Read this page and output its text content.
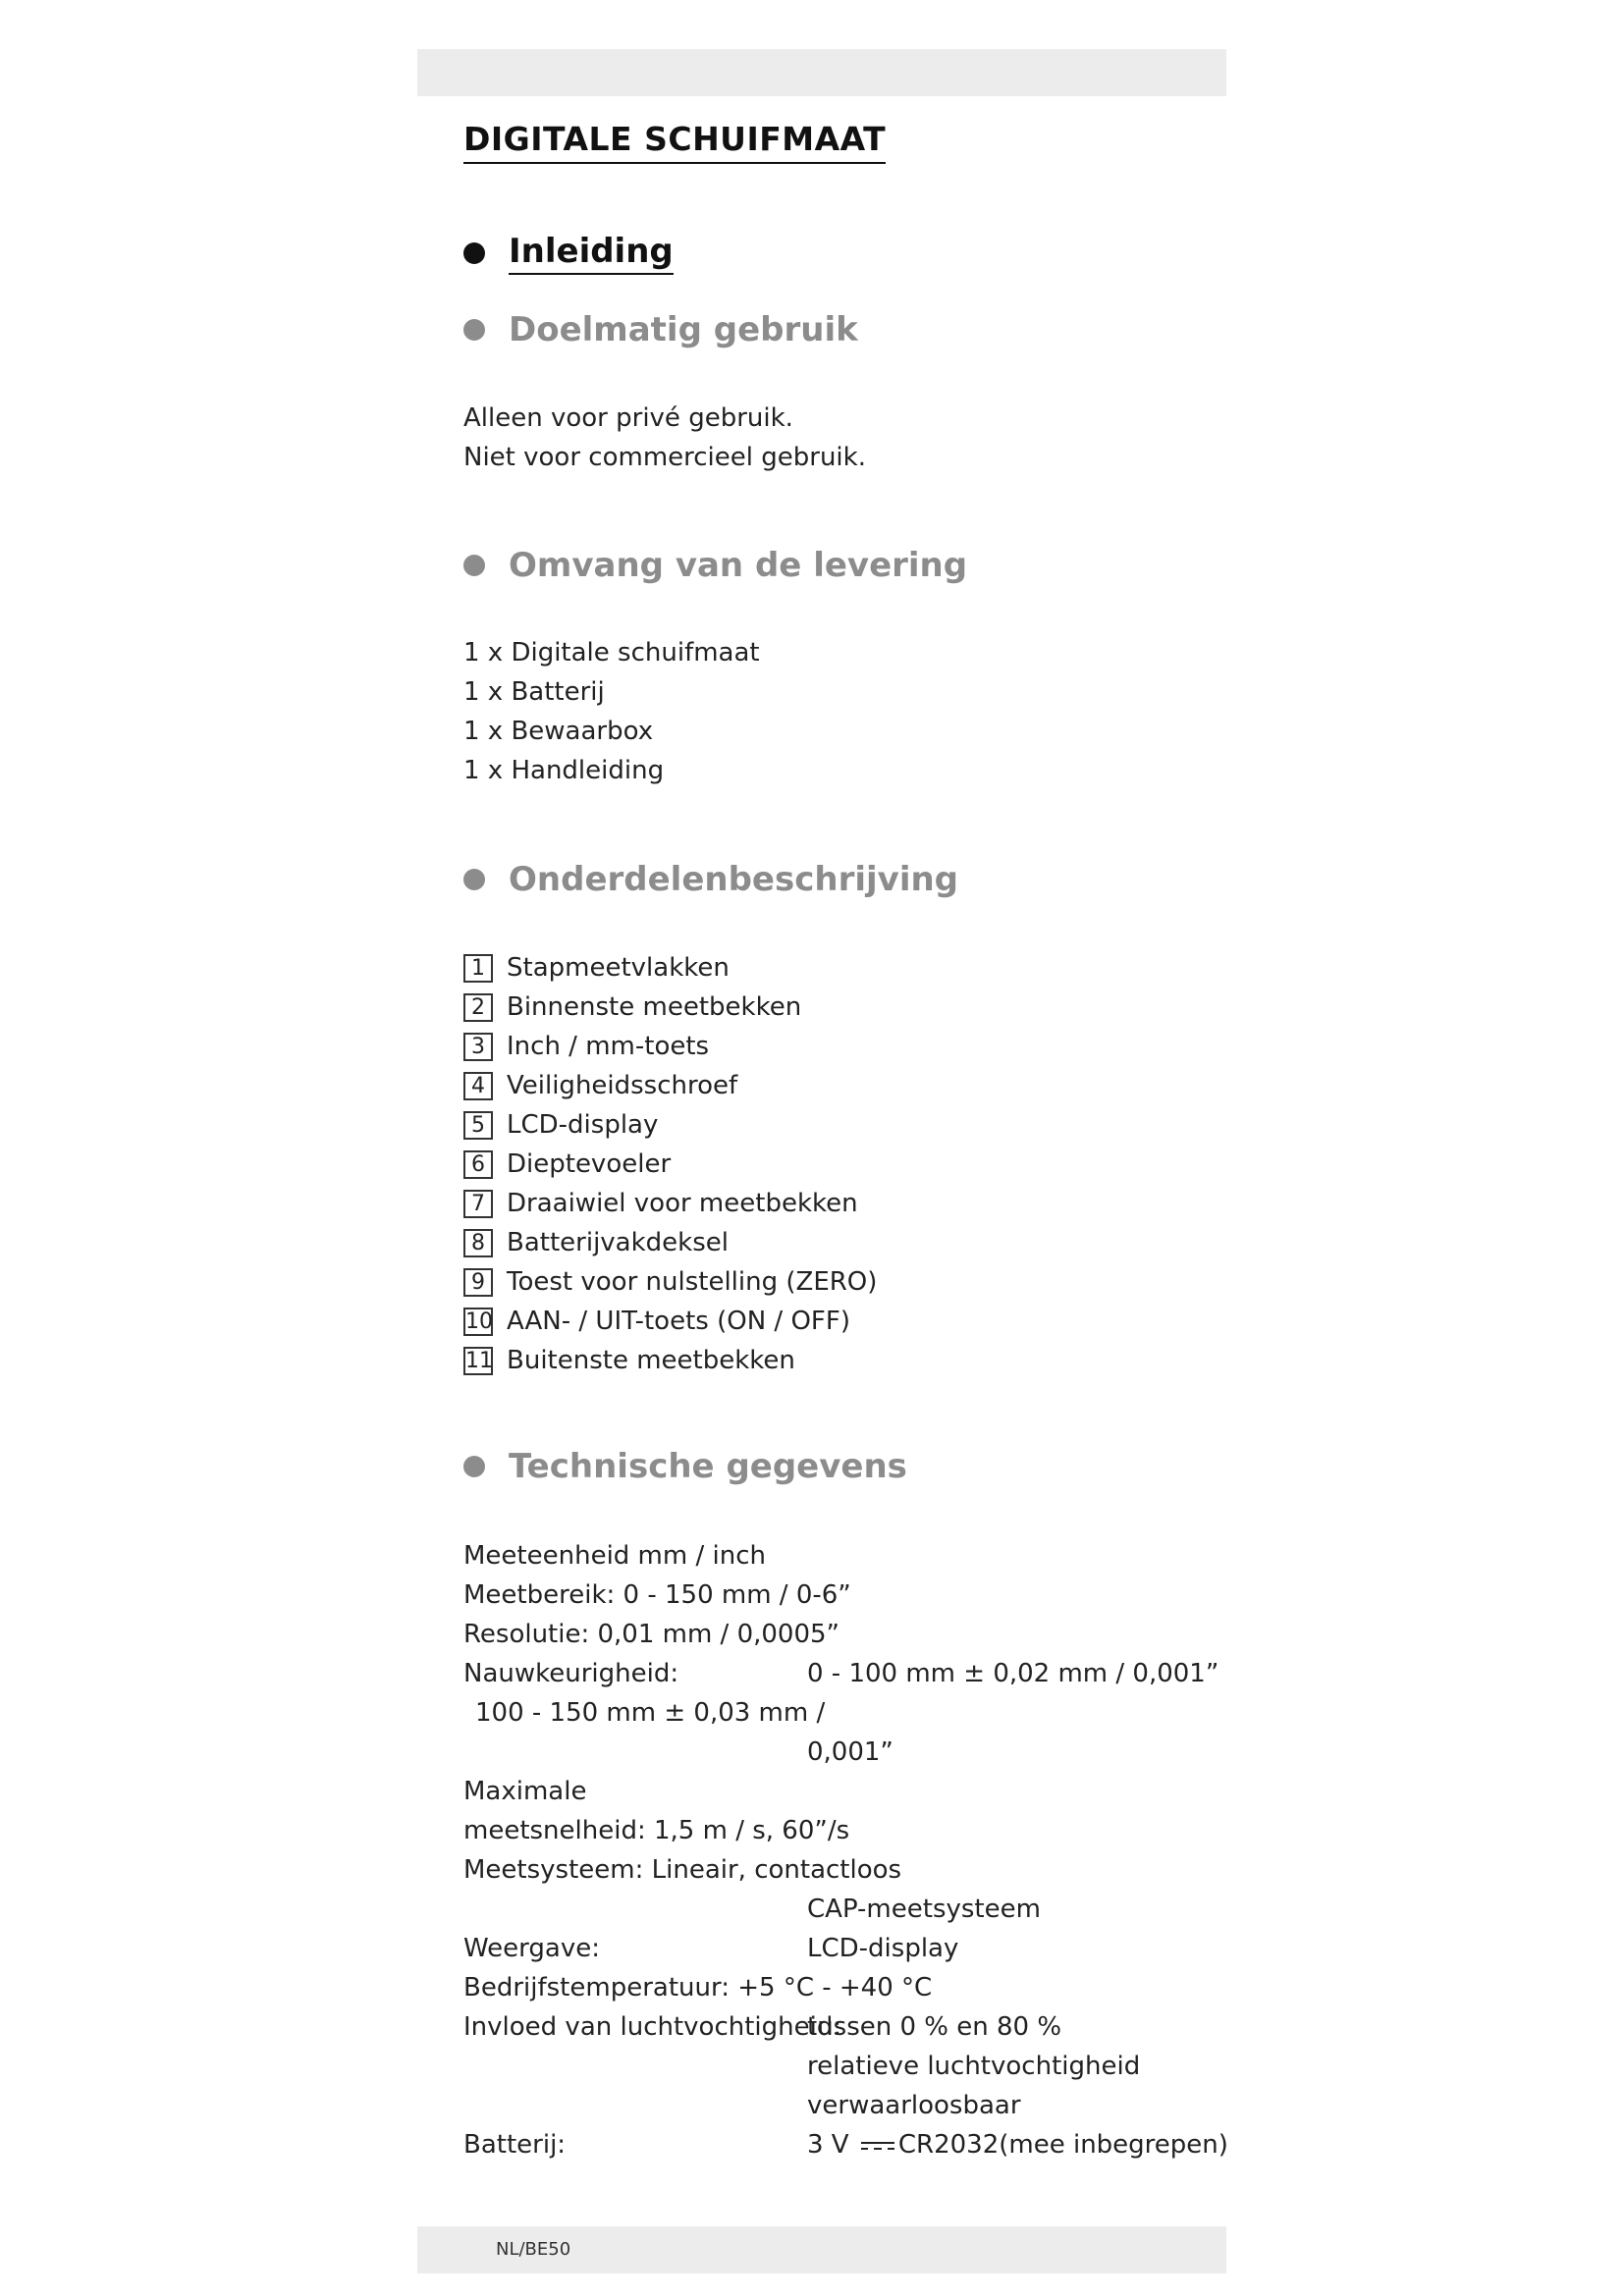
DIGITALE SCHUIFMAAT
Inleiding
Doelmatig gebruik
Alleen voor privé gebruik.
Niet voor commercieel gebruik.
Omvang van de levering
1 x Digitale schuifmaat
1 x Batterij
1 x Bewaarbox
1 x Handleiding
Onderdelenbeschrijving
1 Stapmeetvlakken
2 Binnenste meetbekken
3 Inch / mm-toets
4 Veiligheidsschroef
5 LCD-display
6 Dieptevoeler
7 Draaiwiel voor meetbekken
8 Batterijvakdeksel
9 Toest voor nulstelling (ZERO)
10 AAN- / UIT-toets (ON / OFF)
11 Buitenste meetbekken
Technische gegevens
Meeteenheid mm / inch
Meetbereik: 0 - 150 mm / 0-6”
Resolutie: 0,01 mm / 0,0005”
Nauwkeurigheid:	0 - 100 mm ± 0,02 mm / 0,001”
100 - 150 mm ± 0,03 mm /
0,001”
Maximale
meetsnelheid: 1,5 m / s, 60”/s
Meetsysteem: Lineair, contactloos
CAP-meetsysteem
Weergave:	LCD-display
Bedrijfstemperatuur: +5 °C - +40 °C
Invloed van luchtvochtigheid:
tussen 0 % en 80 %
relatieve luchtvochtigheid
verwaarloosbaar
Batterij:	3 V CR2032(mee inbegrepen)
NL/BE50
